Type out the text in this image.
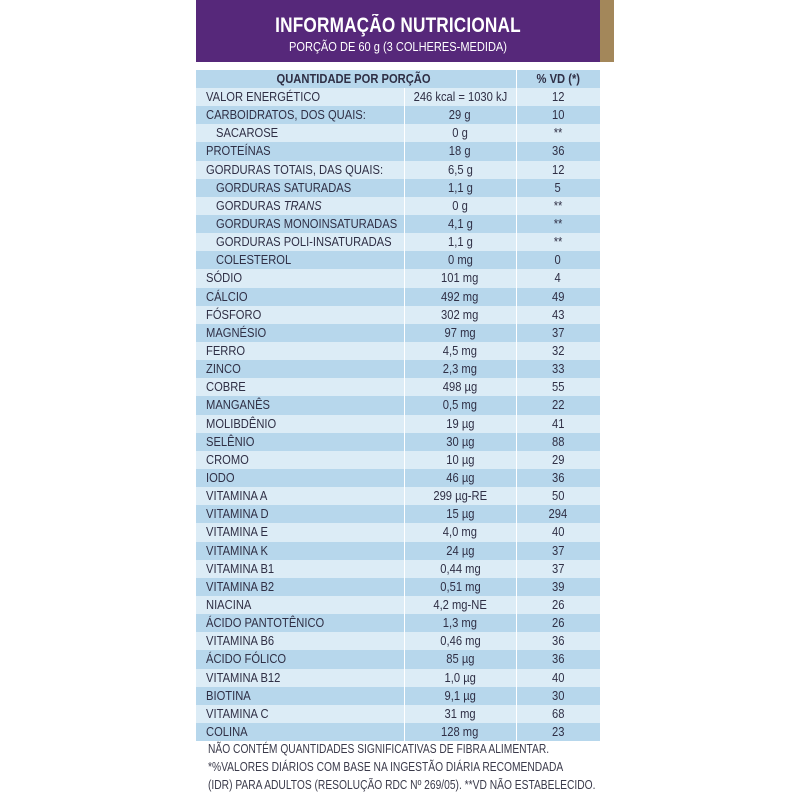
INFORMAÇÃO NUTRICIONAL
PORÇÃO DE 60 g (3 COLHERES-MEDIDA)
QUANTIDADE POR PORÇÃO	% VD (*)
VALOR ENERGÉTICO	246 kcal = 1030 kJ	12
CARBOIDRATOS, DOS QUAIS:	29 g	10
SACAROSE	0 g	**
PROTEÍNAS	18 g	36
GORDURAS TOTAIS, DAS QUAIS:	6,5 g	12
GORDURAS SATURADAS	1,1 g	5
GORDURAS TRANS	0 g	**
GORDURAS MONOINSATURADAS	4,1 g	**
GORDURAS POLI-INSATURADAS	1,1 g	**
COLESTEROL	0 mg	0
SÓDIO	101 mg	4
CÁLCIO	492 mg	49
FÓSFORO	302 mg	43
MAGNÉSIO	97 mg	37
FERRO	4,5 mg	32
ZINCO	2,3 mg	33
COBRE	498 µg	55
MANGANÊS	0,5 mg	22
MOLIBDÊNIO	19 µg	41
SELÊNIO	30 µg	88
CROMO	10 µg	29
IODO	46 µg	36
VITAMINA A	299 µg-RE	50
VITAMINA D	15 µg	294
VITAMINA E	4,0 mg	40
VITAMINA K	24 µg	37
VITAMINA B1	0,44 mg	37
VITAMINA B2	0,51 mg	39
NIACINA	4,2 mg-NE	26
ÁCIDO PANTOTÊNICO	1,3 mg	26
VITAMINA B6	0,46 mg	36
ÁCIDO FÓLICO	85 µg	36
VITAMINA B12	1,0 µg	40
BIOTINA	9,1 µg	30
VITAMINA C	31 mg	68
COLINA	128 mg	23
NÃO CONTÉM QUANTIDADES SIGNIFICATIVAS DE FIBRA ALIMENTAR.
*%VALORES DIÁRIOS COM BASE NA INGESTÃO DIÁRIA RECOMENDADA
(IDR) PARA ADULTOS (RESOLUÇÃO RDC Nº 269/05). **VD NÃO ESTABELECIDO.
